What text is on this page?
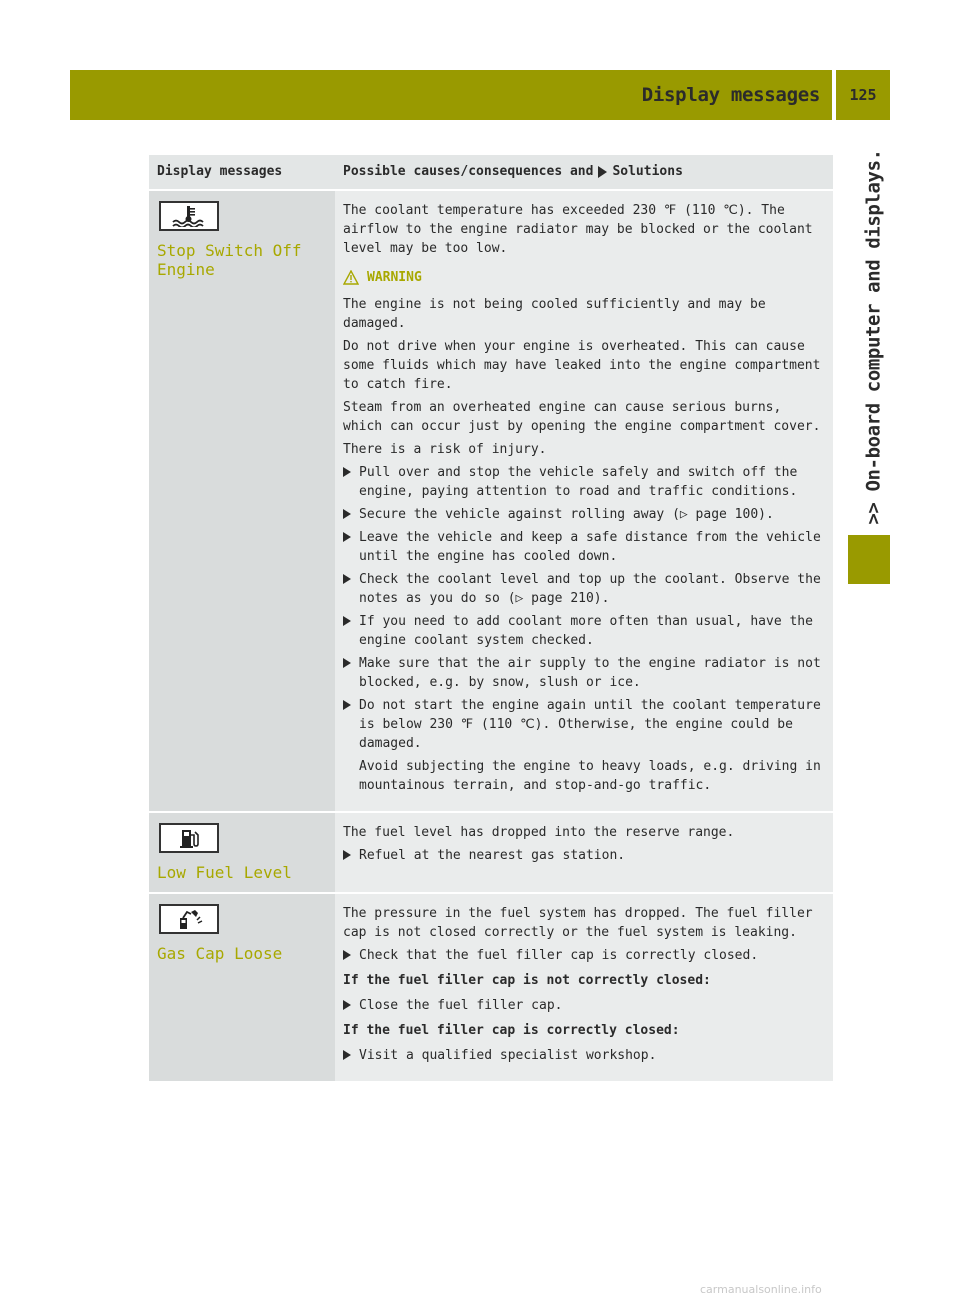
Display messages	125
>> On-board computer and displays.
Display messages	Possible causes/consequences and Solutions
Stop Switch Off
Engine

The coolant temperature has exceeded 230 ℉ (110 ℃). The airflow to the engine radiator may be blocked or the coolant level may be too low.

WARNING

The engine is not being cooled sufficiently and may be damaged.

Do not drive when your engine is overheated. This can cause some fluids which may have leaked into the engine compartment to catch fire.

Steam from an overheated engine can cause serious burns, which can occur just by opening the engine compartment cover.

There is a risk of injury.

Pull over and stop the vehicle safely and switch off the engine, paying attention to road and traffic conditions.
Secure the vehicle against rolling away (▷ page 100).
Leave the vehicle and keep a safe distance from the vehicle until the engine has cooled down.
Check the coolant level and top up the coolant. Observe the notes as you do so (▷ page 210).
If you need to add coolant more often than usual, have the engine coolant system checked.
Make sure that the air supply to the engine radiator is not blocked, e.g. by snow, slush or ice.
Do not start the engine again until the coolant temperature is below 230 ℉ (110 ℃). Otherwise, the engine could be damaged.
Avoid subjecting the engine to heavy loads, e.g. driving in mountainous terrain, and stop-and-go traffic.
Low Fuel Level

The fuel level has dropped into the reserve range.

Refuel at the nearest gas station.
Gas Cap Loose

The pressure in the fuel system has dropped. The fuel filler cap is not closed correctly or the fuel system is leaking.

Check that the fuel filler cap is correctly closed.
If the fuel filler cap is not correctly closed:
Close the fuel filler cap.
If the fuel filler cap is correctly closed:
Visit a qualified specialist workshop.
carmanualsonline.info
